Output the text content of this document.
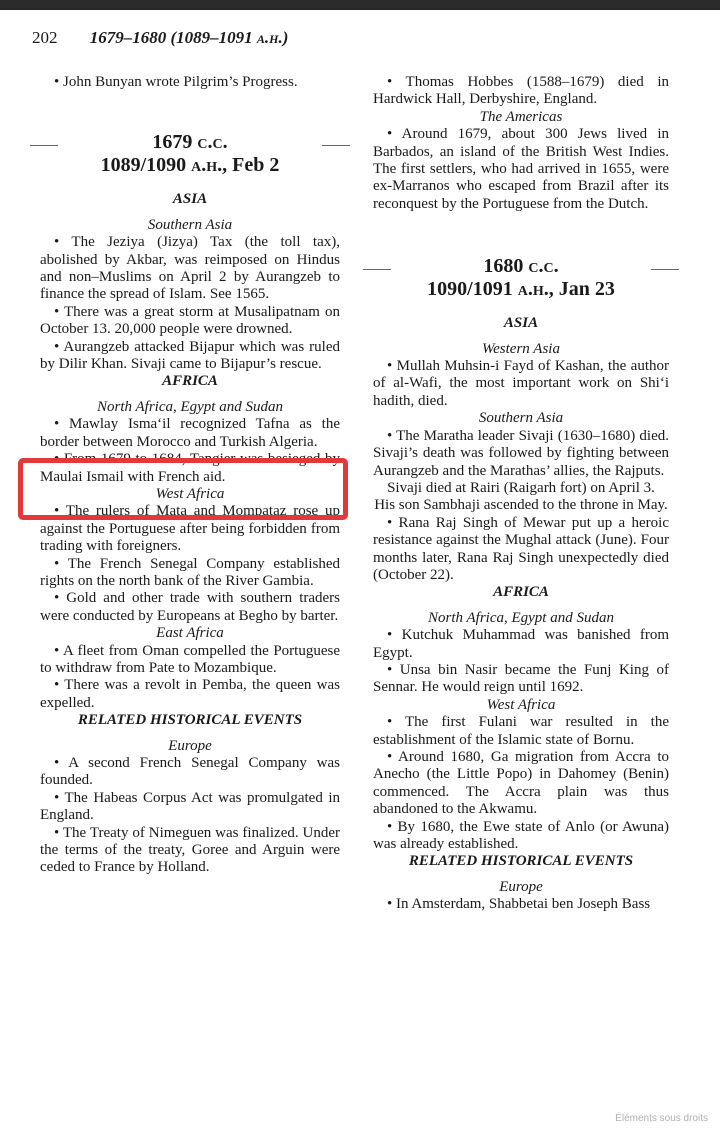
202 1679–1680 (1089–1091 a.h.)

• John Bunyan wrote Pilgrim’s Progress.

1679 c.c.
1089/1090 a.h., Feb 2

ASIA

Southern Asia

• The Jeziya (Jizya) Tax (the toll tax), abolished by Akbar, was reimposed on Hindus and non–Muslims on April 2 by Aurangzeb to finance the spread of Islam. See 1565.

• There was a great storm at Musalipatnam on October 13. 20,000 people were drowned.

• Aurangzeb attacked Bijapur which was ruled by Dilir Khan. Sivaji came to Bijapur’s rescue.

AFRICA

North Africa, Egypt and Sudan

• Mawlay Isma‘il recognized Tafna as the border between Morocco and Turkish Algeria.

• From 1679 to 1684, Tangier was besieged by Maulai Ismail with French aid.

West Africa

• The rulers of Mata and Mompataz rose up against the Portuguese after being forbidden from trading with foreigners.

• The French Senegal Company established rights on the north bank of the River Gambia.

• Gold and other trade with southern traders were conducted by Europeans at Begho by barter.

East Africa

• A fleet from Oman compelled the Portuguese to withdraw from Pate to Mozambique.

• There was a revolt in Pemba, the queen was expelled.

RELATED HISTORICAL EVENTS

Europe

• A second French Senegal Company was founded.

• The Habeas Corpus Act was promulgated in England.

• The Treaty of Nimeguen was finalized. Under the terms of the treaty, Goree and Arguin were ceded to France by Holland.

• Thomas Hobbes (1588–1679) died in Hardwick Hall, Derbyshire, England.

The Americas

• Around 1679, about 300 Jews lived in Barbados, an island of the British West Indies. The first settlers, who had arrived in 1655, were ex-Marranos who escaped from Brazil after its reconquest by the Portuguese from the Dutch.

1680 c.c.
1090/1091 a.h., Jan 23

ASIA

Western Asia

• Mullah Muhsin-i Fayd of Kashan, the author of al-Wafi, the most important work on Shi‘i hadith, died.

Southern Asia

• The Maratha leader Sivaji (1630–1680) died. Sivaji’s death was followed by fighting between Aurangzeb and the Marathas’ allies, the Rajputs.

Sivaji died at Rairi (Raigarh fort) on April 3.

His son Sambhaji ascended to the throne in May.

• Rana Raj Singh of Mewar put up a heroic resistance against the Mughal attack (June). Four months later, Rana Raj Singh unexpectedly died (October 22).

AFRICA

North Africa, Egypt and Sudan

• Kutchuk Muhammad was banished from Egypt.

• Unsa bin Nasir became the Funj King of Sennar. He would reign until 1692.

West Africa

• The first Fulani war resulted in the establishment of the Islamic state of Bornu.

• Around 1680, Ga migration from Accra to Anecho (the Little Popo) in Dahomey (Benin) commenced. The Accra plain was thus abandoned to the Akwamu.

• By 1680, the Ewe state of Anlo (or Awuna) was already established.

RELATED HISTORICAL EVENTS

Europe

• In Amsterdam, Shabbetai ben Joseph Bass

Éléments sous droits
